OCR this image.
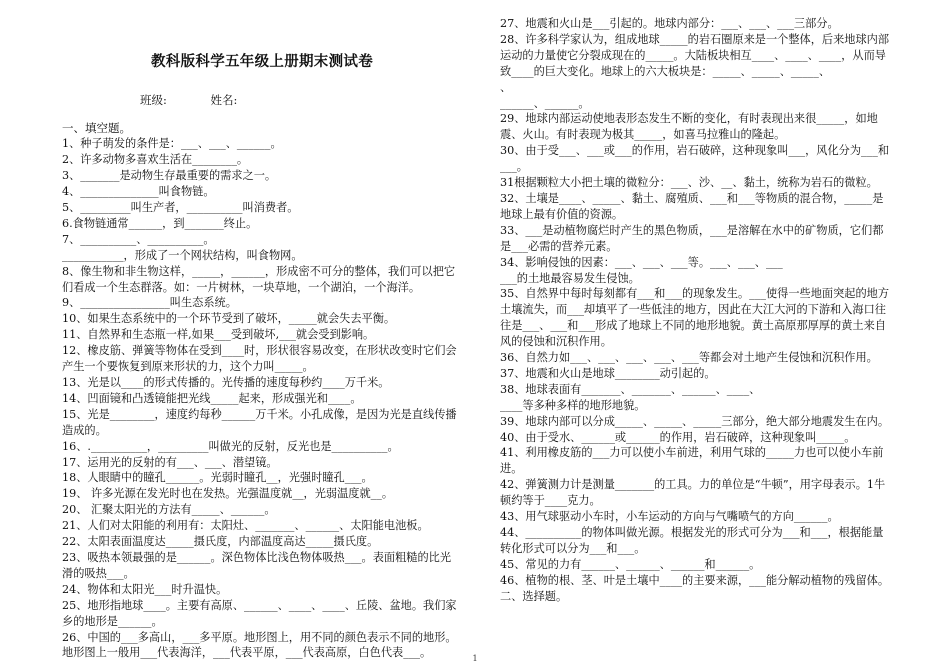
教科版科学五年级上册期末测试卷
班级:	姓名:
一、填空题。

1、种子萌发的条件是：___、___、______。

2、许多动物多喜欢生活在________。

3、_______是动物生存最重要的需求之一。

4、______________叫食物链。

5、_________叫生产者，__________叫消费者。

6.食物链通常______，到_______终止。

7、__________、__________。

___________，形成了一个网状结构，叫食物网。

8、像生物和非生物这样，_____，______，形成密不可分的整体，我们可以把它们看成一个生态群落。如：一片树林，一块草地，一个湖泊，一个海洋。

9、________________叫生态系统。

10、如果生态系统中的一个环节受到了破坏，_____就会失去平衡。

11、自然界和生态瓶一样,如果___受到破坏,___就会受到影响。

12、橡皮筋、弹簧等物体在受到____时，形状很容易改变，在形状改变时它们会产生一个要恢复到原来形状的力，这个力叫_____。

13、光是以____的形式传播的。光传播的速度每秒约____万千米。

14、凹面镜和凸透镜能把光线_____起来，形成强光和____。

15、光是________，速度约每秒______万千米。小孔成像，是因为光是直线传播造成的。

16、.__________，_________叫做光的反射，反光也是__________。

17、运用光的反射的有___、___、潜望镜。

18、人眼睛中的瞳孔______。光弱时瞳孔__，光强时瞳孔___。

19、 许多光源在发光时也在发热。光强温度就__，光弱温度就__。

20、 汇聚太阳光的方法有_____、______。

21、人们对太阳能的利用有：太阳灶、_______、______、太阳能电池板。

22、太阳表面温度达_____摄氏度，内部温度高达_____摄氏度。

23、吸热本领最强的是______。深色物体比浅色物体吸热___。表面粗糙的比光滑的吸热___。

24、物体和太阳光___时升温快。

25、地形指地球____。主要有高原、______、____、____、丘陵、盆地。我们家乡的地形是______。

26、中国的___多高山，___多平原。地形图上，用不同的颜色表示不同的地形。地形图上一般用___代表海洋，___代表平原，___代表高原，白色代表___。

27、地震和火山是___引起的。地球内部分：___、___、___三部分。

28、许多科学家认为，组成地球_____的岩石圈原来是一个整体，后来地球内部运动的力量使它分裂成现在的_____。大陆板块相互____、____、____，从而导致____的巨大变化。地球上的六大板块是：_____、_____、_____、

、

______、______。

29、地球内部运动使地表形态发生不断的变化，有时表现出来很_____，如地震、火山。有时表现为极其_____，如喜马拉雅山的隆起。

30、由于受___、___或___的作用，岩石破碎，这种现象叫___，风化分为___和___。

31根据颗粒大小把土壤的微粒分：___、沙、__、黏土，统称为岩石的微粒。

32、土壤是____、_____、黏土、腐殖质、___和___等物质的混合物，_____是地球上最有价值的资源。

33、___是动植物腐烂时产生的黑色物质，___是溶解在水中的矿物质，它们都是___必需的营养元素。

34、影响侵蚀的因素：___、___、___等。___、___、___

___的土地最容易发生侵蚀。

35、自然界中每时每刻都有___和___的现象发生。___使得一些地面突起的地方土壤流失，而___却填平了一些低洼的地方，因此在大江大河的下游和入海口往往是___、___和___形成了地球上不同的地形地貌。黄土高原那厚厚的黄土来自风的侵蚀和沉积作用。

36、自然力如___、___、___、___、___等都会对土地产生侵蚀和沉积作用。

37、地震和火山是地球________动引起的。

38、地球表面有_______、_______、______、____、

____等多种多样的地形地貌。

39、地球内部可以分成_____、_____、_____三部分，绝大部分地震发生在内。

40、由于受水、______或______的作用，岩石破碎，这种现象叫_____。

41、利用橡皮筋的___力可以使小车前进，利用气球的_____力也可以使小车前进。

42、弹簧测力计是测量_______的工具。力的单位是“牛顿”，用字母表示。1牛顿约等于____克力。

43、用气球驱动小车时，小车运动的方向与气嘴喷气的方向______。

44、__________的物体叫做光源。根据发光的形式可分为___和___，根据能量转化形式可以分为___和___。

45、常见的力有______、______、______和______。

46、植物的根、茎、叶是土壤中____的主要来源，___能分解动植物的残留体。

二、选择题。

1
